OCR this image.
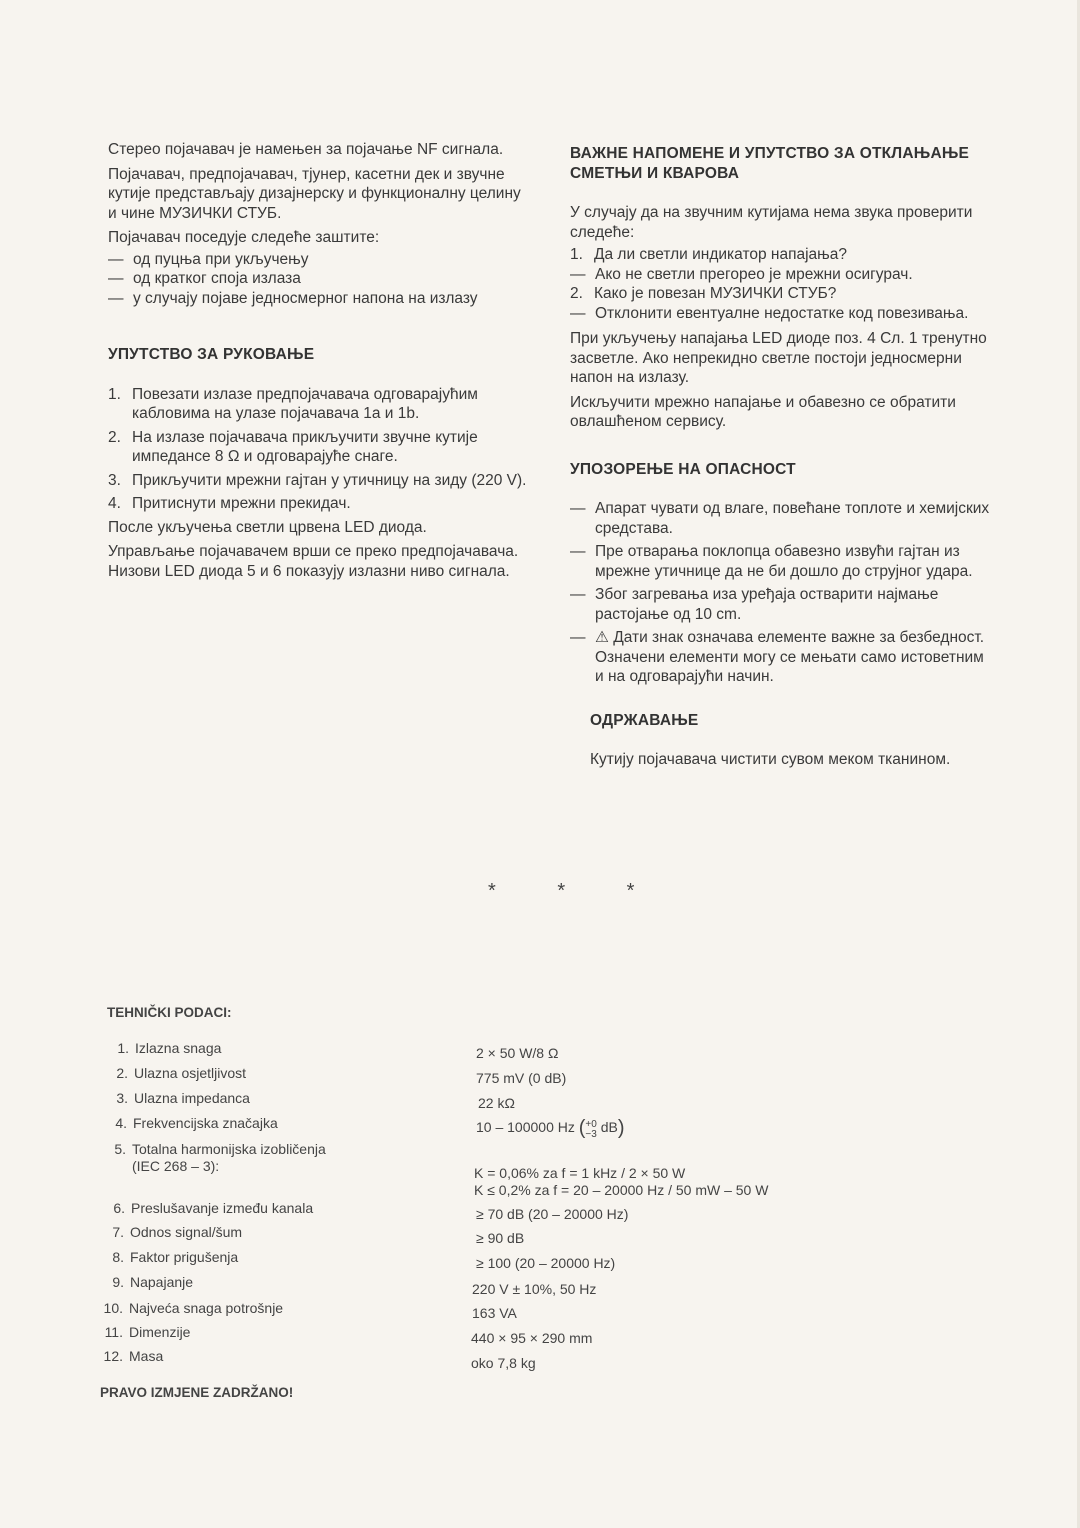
Стерео појачавач је намењен за појачање NF сигнала.

Појачавач, предпојачавач, тјунер, касетни дек и звучне кутије представљају дизајнерску и функционалну целину и чине МУЗИЧКИ СТУБ.

Појачавач поседује следеће заштите:

— од пуцња при укључењу
— од кратког споја излаза
— у случају појаве једносмерног напона на излазу
УПУТСТВО ЗА РУКОВАЊЕ
1. Повезати излазе предпојачавача одговарајућим кабловима на улазе појачавача 1а и 1b.
2. На излазе појачавача прикључити звучне кутије импедансе 8 Ω и одговарајуће снаге.
3. Прикључити мрежни гајтан у утичницу на зиду (220 V).
4. Притиснути мрежни прекидач.

После укључења светли црвена LED диода.

Управљање појачавачем врши се преко предпојачавача. Низови LED диода 5 и 6 показују излазни ниво сигнала.

ВАЖНЕ НАПОМЕНЕ И УПУТСТВО ЗА ОТКЛАЊАЊЕ СМЕТЊИ И КВАРОВА

У случају да на звучним кутијама нема звука проверити следеће:

1. Да ли светли индикатор напајања?
— Ако не светли прегорео је мрежни осигурач.
2. Како је повезан МУЗИЧКИ СТУБ?
— Отклонити евентуалне недостатке код повезивања.

При укључењу напајања LED диоде поз. 4 Сл. 1 тренутно засветле. Ако непрекидно светле постоји једносмерни напон на излазу.

Искључити мрежно напајање и обавезно се обратити овлашћеном сервису.

УПОЗОРЕЊЕ НА ОПАСНОСТ
— Апарат чувати од влаге, повећане топлоте и хемијских средстава.
— Пре отварања поклопца обавезно извући гајтан из мрежне утичнице да не би дошло до струјног удара.
— Због загревања иза уређаја остварити најмање растојање од 10 cm.
— ⚠ Дати знак означава елементе важне за безбедност. Означени елементи могу се мењати само истоветним и на одговарајући начин.
ОДРЖАВАЊЕ

Кутију појачавача чистити сувом меком тканином.

* * *
TEHNIČKI PODACI:
1. Izlazna snaga
2. Ulazna osjetljivost
3. Ulazna impedanca
4. Frekvencijska značajka
5. Totalna harmonijska izobličenja
(IEC 268 – 3):
6. Preslušavanje između kanala
7. Odnos signal/šum
8. Faktor prigušenja
9. Napajanje
10. Najveća snaga potrošnje
11. Dimenzije
12. Masa
2 × 50 W/8 Ω
775 mV (0 dB)
22 kΩ
10 – 100000 Hz (+0
−3 dB)
K = 0,06% za f = 1 kHz / 2 × 50 W
K ≤ 0,2% za f = 20 – 20000 Hz / 50 mW – 50 W
≥ 70 dB (20 – 20000 Hz)
≥ 90 dB
≥ 100 (20 – 20000 Hz)
220 V ± 10%, 50 Hz
163 VA
440 × 95 × 290 mm
oko 7,8 kg
PRAVO IZMJENE ZADRŽANO!
